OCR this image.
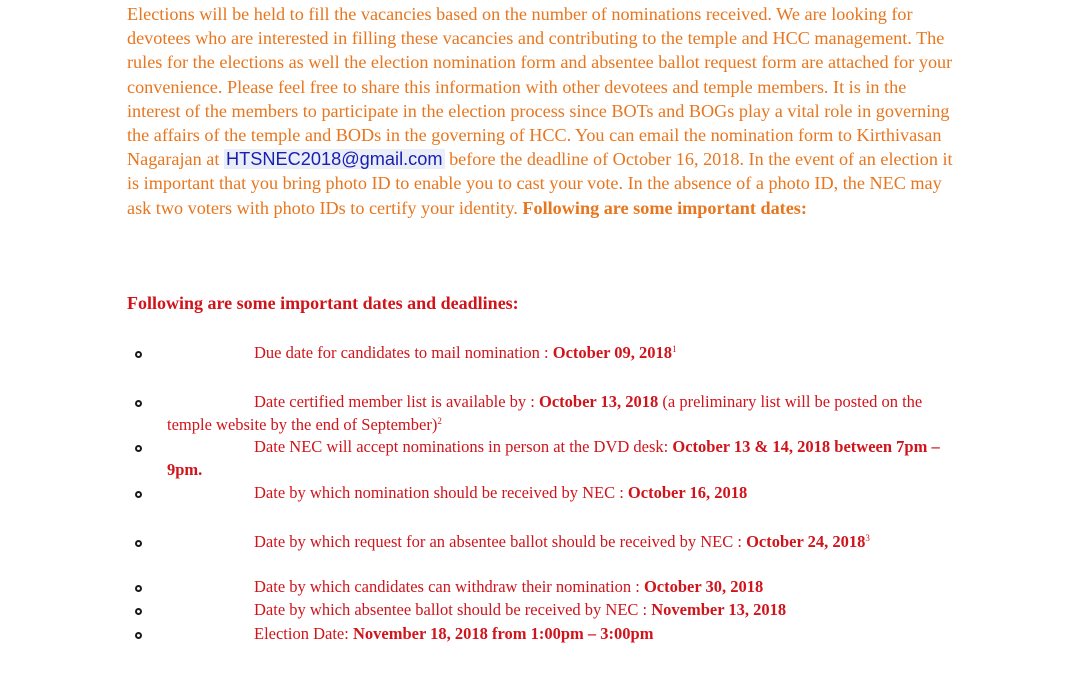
Elections will be held to fill the vacancies based on the number of nominations received. We are looking for devotees who are interested in filling these vacancies and contributing to the temple and HCC management. The rules for the elections as well the election nomination form and absentee ballot request form are attached for your convenience. Please feel free to share this information with other devotees and temple members. It is in the interest of the members to participate in the election process since BOTs and BOGs play a vital role in governing the affairs of the temple and BODs in the governing of HCC. You can email the nomination form to Kirthivasan Nagarajan at HTSNEC2018@gmail.com before the deadline of October 16, 2018. In the event of an election it is important that you bring photo ID to enable you to cast your vote. In the absence of a photo ID, the NEC may ask two voters with photo IDs to certify your identity. Following are some important dates:

Following are some important dates and deadlines:

Due date for candidates to mail nomination : October 09, 2018$^1$
Date certified member list is available by : October 13, 2018 (a preliminary list will be posted on the temple website by the end of September)$^2$
Date NEC will accept nominations in person at the DVD desk: October 13 & 14, 2018 between 7pm – 9pm.
Date by which nomination should be received by NEC : October 16, 2018
Date by which request for an absentee ballot should be received by NEC : October 24, 2018$^3$
Date by which candidates can withdraw their nomination : October 30, 2018
Date by which absentee ballot should be received by NEC : November 13, 2018
Election Date: November 18, 2018 from 1:00pm – 3:00pm
